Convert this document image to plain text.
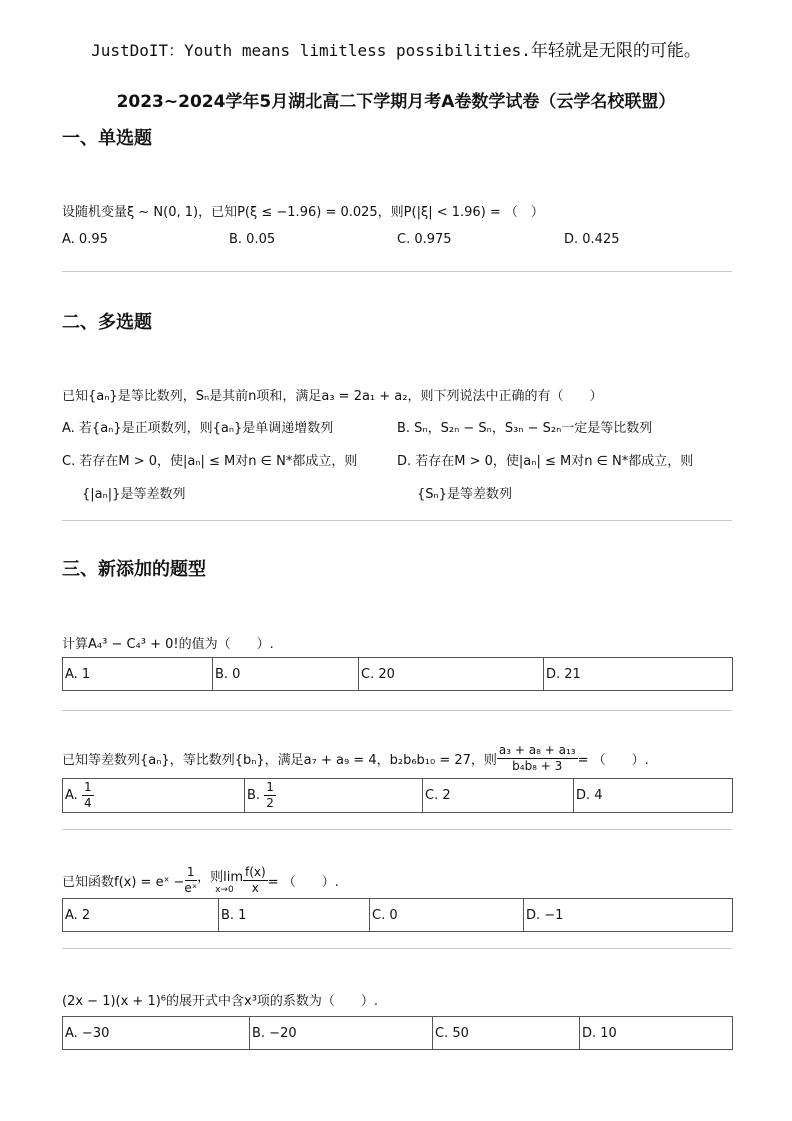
JustDoIT：Youth means limitless possibilities.年轻就是无限的可能。
2023~2024学年5月湖北高二下学期月考A卷数学试卷（云学名校联盟）
一、单选题
设随机变量ξ ∼ N(0, 1)，已知P(ξ ≤ −1.96) = 0.025，则P(|ξ| < 1.96) = （　）
A. 0.95	B. 0.05	C. 0.975	D. 0.425
二、多选题
已知{aₙ}是等比数列，Sₙ是其前n项和，满足a₃ = 2a₁ + a₂，则下列说法中正确的有（　　）
A. 若{aₙ}是正项数列，则{aₙ}是单调递增数列	B. Sₙ，S₂ₙ − Sₙ，S₃ₙ − S₂ₙ一定是等比数列
C. 若存在M > 0，使|aₙ| ≤ M对n ∈ N*都成立，则
{|aₙ|}是等差数列
D. 若存在M > 0，使|aₙ| ≤ M对n ∈ N*都成立，则
{Sₙ}是等差数列
三、新添加的题型
计算A₄³ − C₄³ + 0!的值为（　　）.
A. 1	B. 0	C. 20	D. 21
已知等差数列{aₙ}，等比数列{bₙ}，满足a₇ + a₉ = 4，b₂b₆b₁₀ = 27，则 $\frac{\text{a₃ + a₈ + a₁₃}}{\text{b₄b₈ + 3}}$ = （　　）.
A. $\frac{1}{4}$	B. $\frac{1}{2}$	C. 2	D. 4
已知函数f(x) = eˣ − $\frac{1}{\text{eˣ}}$ ，则lim
$x\to 0 \frac{f(x)}{x}$ = （　　）.
A. 2	B. 1	C. 0	D. −1
(2x − 1)(x + 1)⁶的展开式中含x³项的系数为（　　）.
A. −30	B. −20	C. 50	D. 10
